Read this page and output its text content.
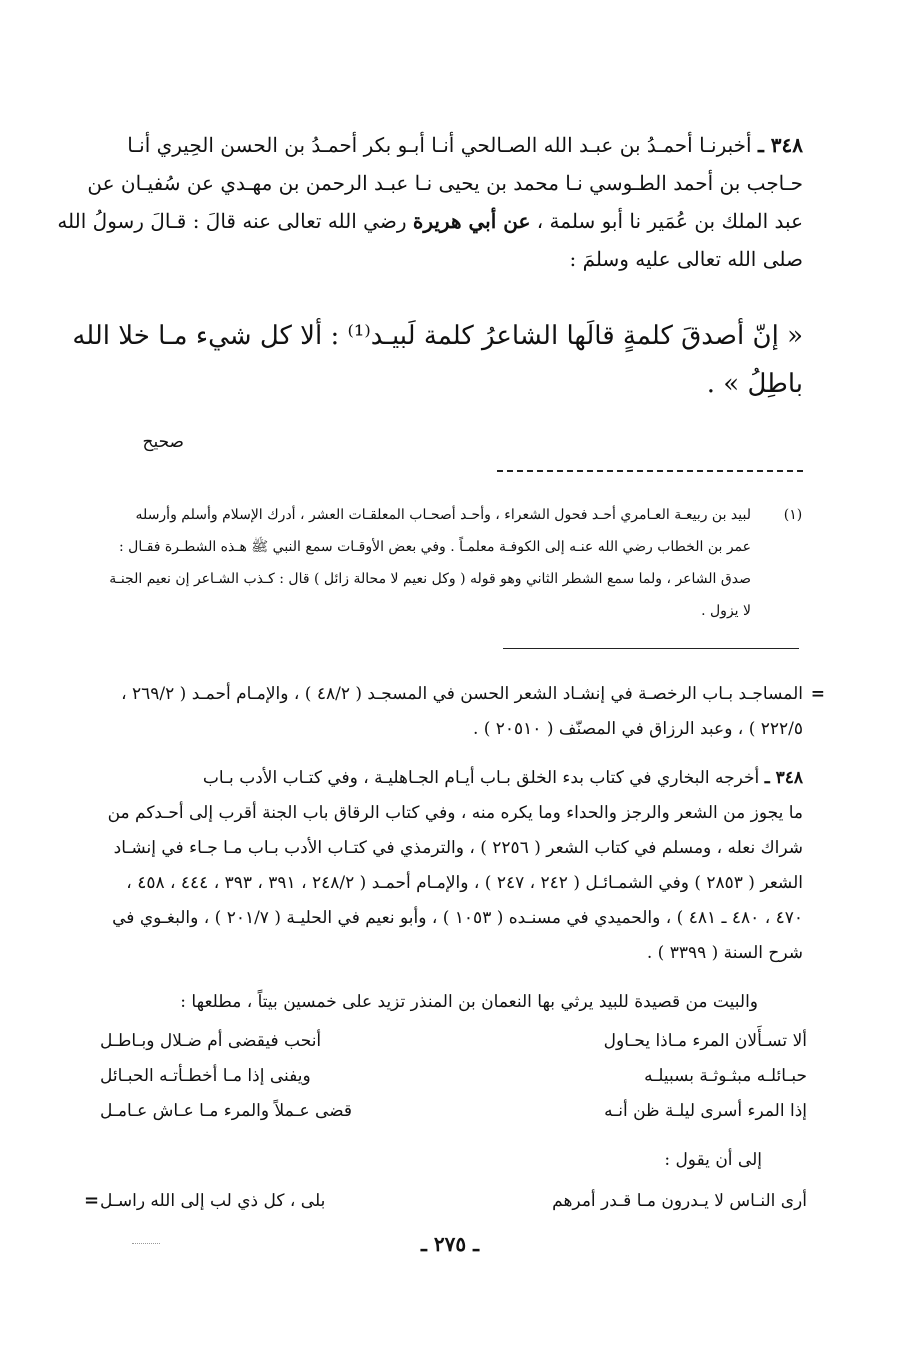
٣٤٨ ـ أخبرنـا أحمـدُ بن عبـد الله الصـالحي أنـا أبـو بكر أحمـدُ بن الحسن الحِيري أنـا
حـاجب بن أحمد الطـوسي نـا محمد بن يحيى نـا عبـد الرحمن بن مهـدي عن سُفيـان عن
عبد الملك بن عُمَير نا أبو سلمة ، عن أبي هريرة رضي الله تعالى عنه قالَ : قـالَ رسولُ الله
صلى الله تعالى عليه وسلمَ :
« إنّ أصدقَ كلمةٍ قالَها الشاعرُ كلمة لَبيـد⁽¹⁾ : ألا كل شيء مـا خلا الله
باطِلُ » .
صحيح
(١)
لبيد بن ربيعـة العـامري أحـد فحول الشعراء ، وأحـد أصحـاب المعلقـات العشر ، أدرك الإسلام وأسلم وأرسله
عمر بن الخطاب رضي الله عنـه إلى الكوفـة معلمـاً . وفي بعض الأوقـات سمع النبي ﷺ هـذه الشطـرة فقـال :
صدق الشاعر ، ولما سمع الشطر الثاني وهو قوله ( وكل نعيم لا محالة زائل ) قال : كـذب الشـاعر إن نعيم الجنـة
لا يزول .
=

المساجـد بـاب الرخصـة في إنشـاد الشعر الحسن في المسجـد ( ٤٨/٢ ) ، والإمـام أحمـد ( ٢٦٩/٢ ،
٢٢٢/٥ ) ، وعبد الرزاق في المصنّف ( ٢٠٥١٠ ) .

٣٤٨ ـ أخرجه البخاري في كتاب بدء الخلق بـاب أيـام الجـاهليـة ، وفي كتـاب الأدب بـاب
ما يجوز من الشعر والرجز والحداء وما يكره منه ، وفي كتاب الرقاق باب الجنة أقرب إلى أحـدكم من
شراك نعله ، ومسلم في كتاب الشعر ( ٢٢٥٦ ) ، والترمذي في كتـاب الأدب بـاب مـا جـاء في إنشـاد
الشعر ( ٢٨٥٣ ) وفي الشمـائـل ( ٢٤٢ ، ٢٤٧ ) ، والإمـام أحمـد ( ٢٤٨/٢ ، ٣٩١ ، ٣٩٣ ، ٤٤٤ ، ٤٥٨ ،
٤٧٠ ، ٤٨٠ ـ ٤٨١ ) ، والحميدي في مسنـده ( ١٠٥٣ ) ، وأبو نعيم في الحليـة ( ٢٠١/٧ ) ، والبغـوي في
شرح السنة ( ٣٣٩٩ ) .

والبيت من قصيدة للبيد يرثي بها النعمان بن المنذر تزيد على خمسين بيتاً ، مطلعها :

ألا تسـأَلان المرء مـاذا يحـاول
أنحب فيقضى أم ضـلال وبـاطـل
حبـائلـه مبثـوثـة بسبيلـه
ويفنى إذا مـا أخطـأتـه الحبـائل
إذا المرء أسرى ليلـة ظن أنـه
قضى عـملاً والمرء مـا عـاش عـامـل
إلى أن يقول :
أرى النـاس لا يـدرون مـا قـدر أمرهم
بلى ، كل ذي لب إلى الله راسـل
=
ـ ٢٧٥ ـ
